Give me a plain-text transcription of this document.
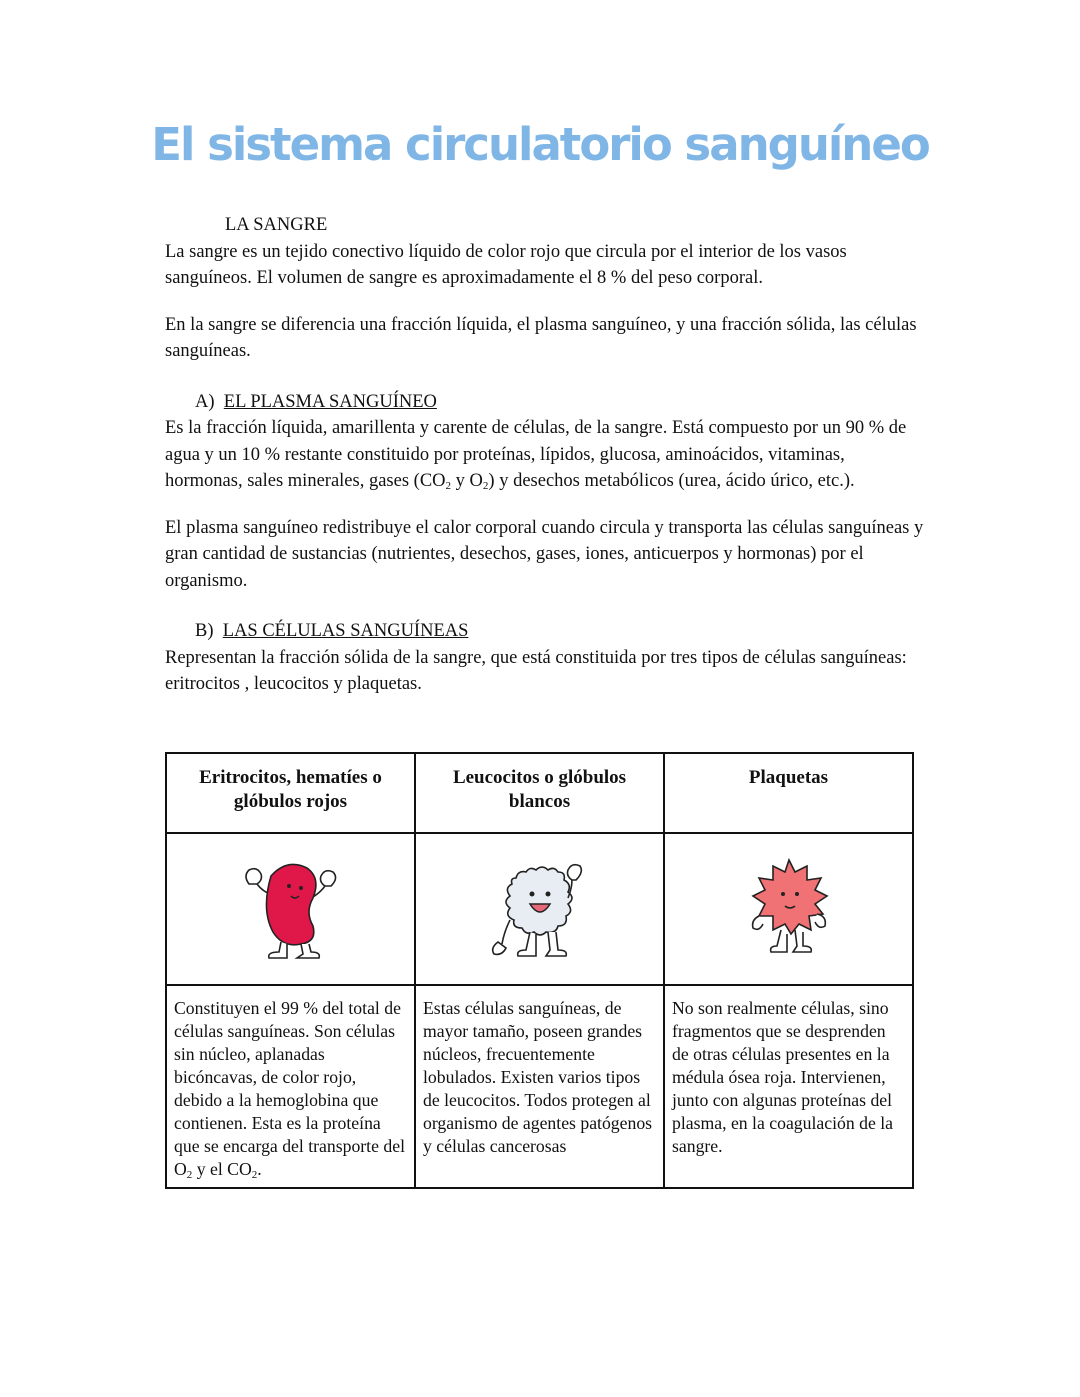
El sistema circulatorio sanguíneo
LA SANGRE

La sangre es un tejido conectivo líquido de color rojo que circula por el interior de los vasos sanguíneos. El volumen de sangre es aproximadamente el 8 % del peso corporal.

En la sangre se diferencia una fracción líquida, el plasma sanguíneo, y una fracción sólida, las células sanguíneas.

A) EL PLASMA SANGUÍNEO

Es la fracción líquida, amarillenta y carente de células, de la sangre. Está compuesto por un 90 % de agua y un 10 % restante constituido por proteínas, lípidos, glucosa, aminoácidos, vitaminas, hormonas, sales minerales, gases ($CO_2$ y $O_2$) y desechos metabólicos (urea, ácido úrico, etc.).

El plasma sanguíneo redistribuye el calor corporal cuando circula y transporta las células sanguíneas y gran cantidad de sustancias (nutrientes, desechos, gases, iones, anticuerpos y hormonas) por el organismo.

B) LAS CÉLULAS SANGUÍNEAS

Representan la fracción sólida de la sangre, que está constituida por tres tipos de células sanguíneas: eritrocitos , leucocitos y plaquetas.

Eritrocitos, hematíes o glóbulos rojos	Leucocitos o glóbulos blancos	Plaquetas

Constituyen el 99 % del total de células sanguíneas. Son células sin núcleo, aplanadas bicóncavas, de color rojo, debido a la hemoglobina que contienen. Esta es la proteína que se encarga del transporte del $O_2$ y el $CO_2$.	Estas células sanguíneas, de mayor tamaño, poseen grandes núcleos, frecuentemente lobulados. Existen varios tipos de leucocitos. Todos protegen al organismo de agentes patógenos y células cancerosas	No son realmente células, sino fragmentos que se desprenden de otras células presentes en la médula ósea roja. Intervienen, junto con algunas proteínas del plasma, en la coagulación de la sangre.
